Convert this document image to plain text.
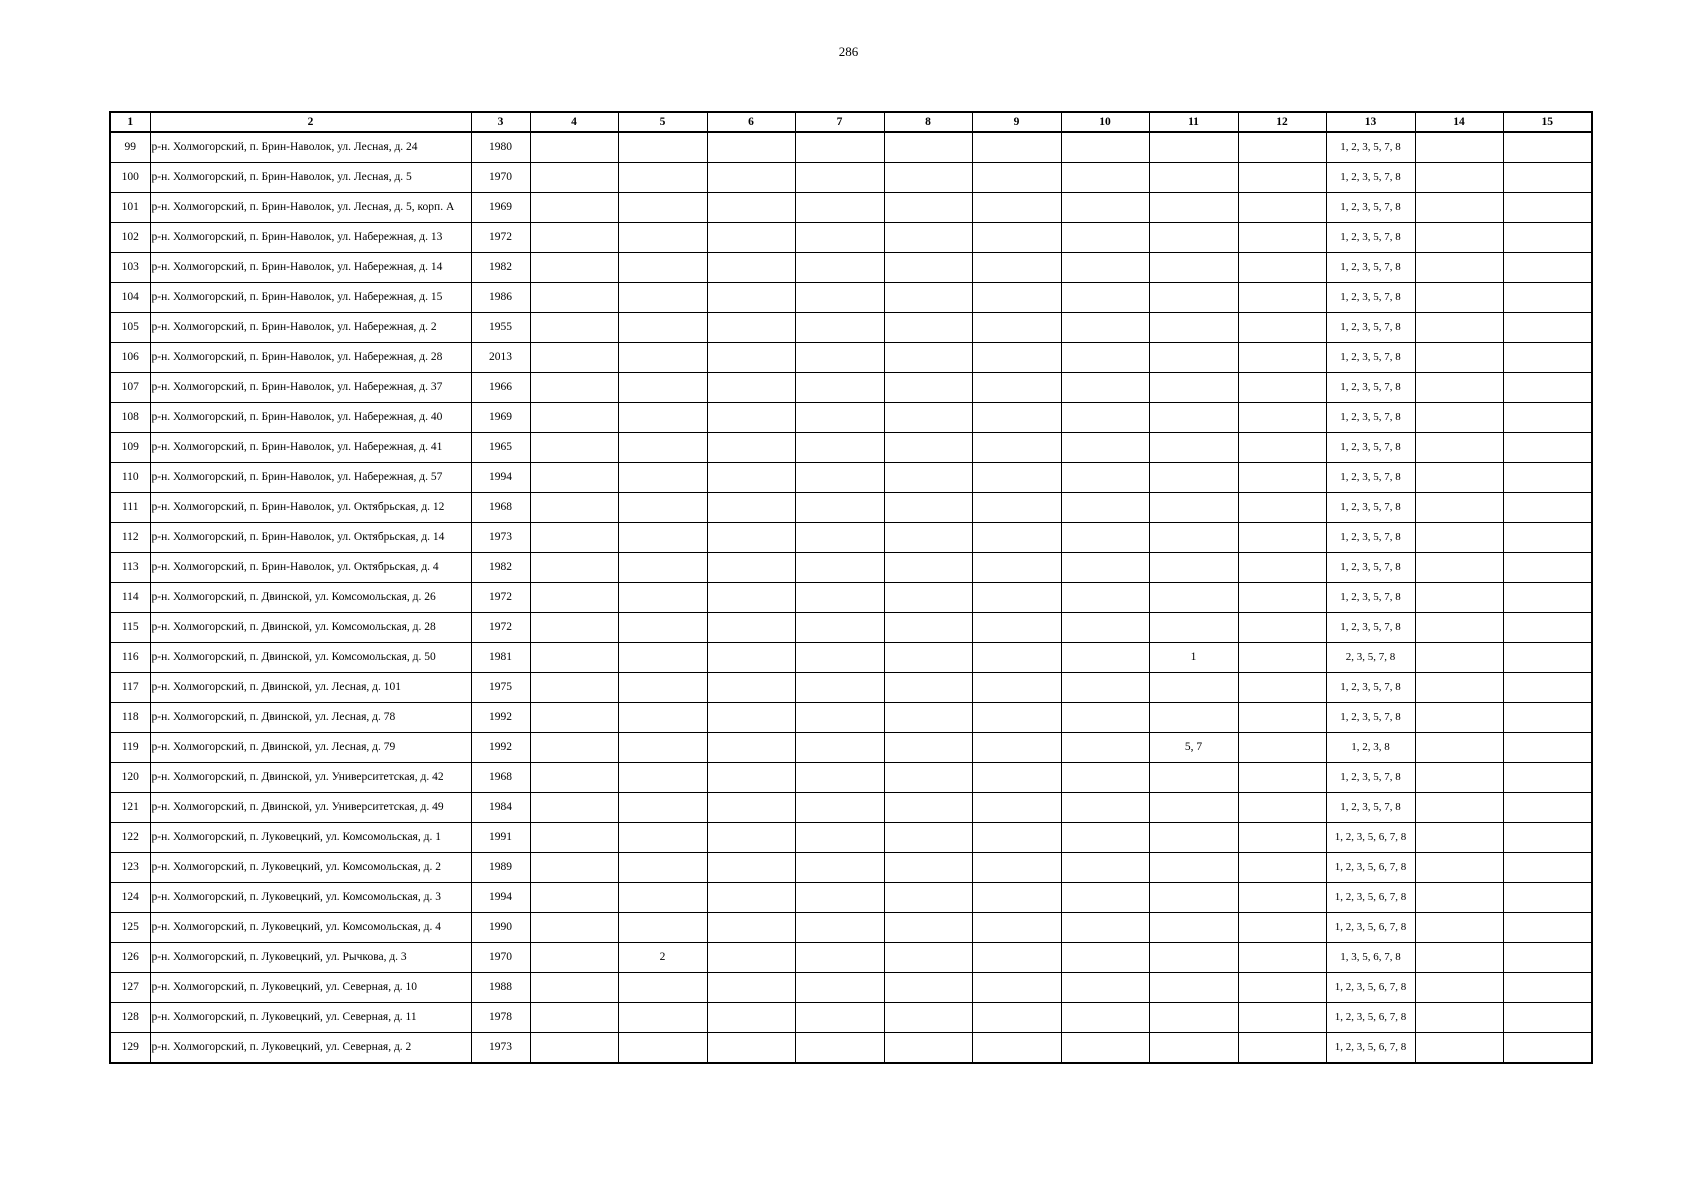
286
1	2	3	4	5	6	7	8	9	10	11	12	13	14	15
99	р-н. Холмогорский, п. Брин-Наволок, ул. Лесная, д. 24	1980										1, 2, 3, 5, 7, 8		
100	р-н. Холмогорский, п. Брин-Наволок, ул. Лесная, д. 5	1970										1, 2, 3, 5, 7, 8		
101	р-н. Холмогорский, п. Брин-Наволок, ул. Лесная, д. 5, корп. А	1969										1, 2, 3, 5, 7, 8		
102	р-н. Холмогорский, п. Брин-Наволок, ул. Набережная, д. 13	1972										1, 2, 3, 5, 7, 8		
103	р-н. Холмогорский, п. Брин-Наволок, ул. Набережная, д. 14	1982										1, 2, 3, 5, 7, 8		
104	р-н. Холмогорский, п. Брин-Наволок, ул. Набережная, д. 15	1986										1, 2, 3, 5, 7, 8		
105	р-н. Холмогорский, п. Брин-Наволок, ул. Набережная, д. 2	1955										1, 2, 3, 5, 7, 8		
106	р-н. Холмогорский, п. Брин-Наволок, ул. Набережная, д. 28	2013										1, 2, 3, 5, 7, 8		
107	р-н. Холмогорский, п. Брин-Наволок, ул. Набережная, д. 37	1966										1, 2, 3, 5, 7, 8		
108	р-н. Холмогорский, п. Брин-Наволок, ул. Набережная, д. 40	1969										1, 2, 3, 5, 7, 8		
109	р-н. Холмогорский, п. Брин-Наволок, ул. Набережная, д. 41	1965										1, 2, 3, 5, 7, 8		
110	р-н. Холмогорский, п. Брин-Наволок, ул. Набережная, д. 57	1994										1, 2, 3, 5, 7, 8		
111	р-н. Холмогорский, п. Брин-Наволок, ул. Октябрьская, д. 12	1968										1, 2, 3, 5, 7, 8		
112	р-н. Холмогорский, п. Брин-Наволок, ул. Октябрьская, д. 14	1973										1, 2, 3, 5, 7, 8		
113	р-н. Холмогорский, п. Брин-Наволок, ул. Октябрьская, д. 4	1982										1, 2, 3, 5, 7, 8		
114	р-н. Холмогорский, п. Двинской, ул. Комсомольская, д. 26	1972										1, 2, 3, 5, 7, 8		
115	р-н. Холмогорский, п. Двинской, ул. Комсомольская, д. 28	1972										1, 2, 3, 5, 7, 8		
116	р-н. Холмогорский, п. Двинской, ул. Комсомольская, д. 50	1981								1		2, 3, 5, 7, 8		
117	р-н. Холмогорский, п. Двинской, ул. Лесная, д. 101	1975										1, 2, 3, 5, 7, 8		
118	р-н. Холмогорский, п. Двинской, ул. Лесная, д. 78	1992										1, 2, 3, 5, 7, 8		
119	р-н. Холмогорский, п. Двинской, ул. Лесная, д. 79	1992								5, 7		1, 2, 3, 8		
120	р-н. Холмогорский, п. Двинской, ул. Университетская, д. 42	1968										1, 2, 3, 5, 7, 8		
121	р-н. Холмогорский, п. Двинской, ул. Университетская, д. 49	1984										1, 2, 3, 5, 7, 8		
122	р-н. Холмогорский, п. Луковецкий, ул. Комсомольская, д. 1	1991										1, 2, 3, 5, 6, 7, 8		
123	р-н. Холмогорский, п. Луковецкий, ул. Комсомольская, д. 2	1989										1, 2, 3, 5, 6, 7, 8		
124	р-н. Холмогорский, п. Луковецкий, ул. Комсомольская, д. 3	1994										1, 2, 3, 5, 6, 7, 8		
125	р-н. Холмогорский, п. Луковецкий, ул. Комсомольская, д. 4	1990										1, 2, 3, 5, 6, 7, 8		
126	р-н. Холмогорский, п. Луковецкий, ул. Рычкова, д. 3	1970		2								1, 3, 5, 6, 7, 8		
127	р-н. Холмогорский, п. Луковецкий, ул. Северная, д. 10	1988										1, 2, 3, 5, 6, 7, 8		
128	р-н. Холмогорский, п. Луковецкий, ул. Северная, д. 11	1978										1, 2, 3, 5, 6, 7, 8		
129	р-н. Холмогорский, п. Луковецкий, ул. Северная, д. 2	1973										1, 2, 3, 5, 6, 7, 8		
